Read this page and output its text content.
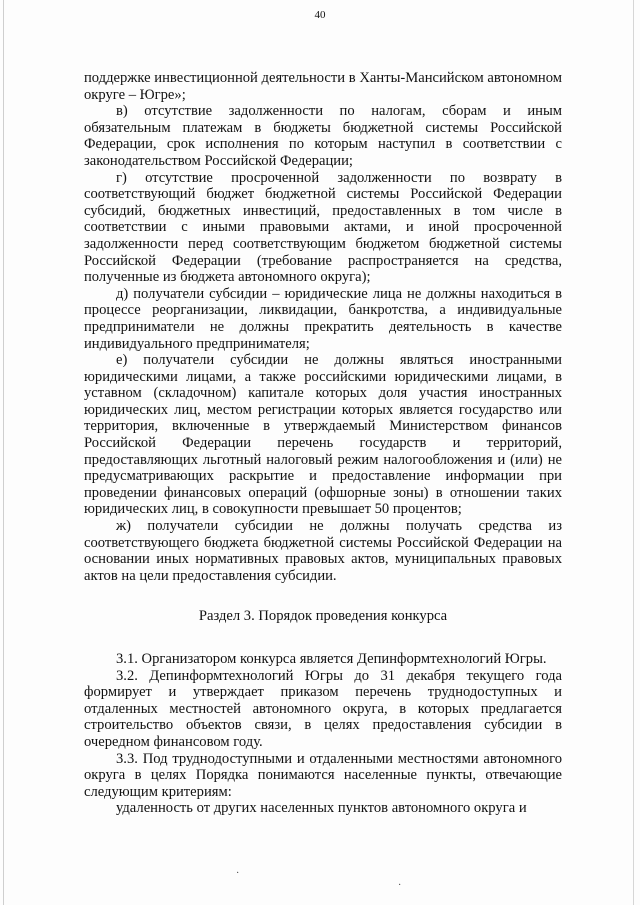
40

поддержке инвестиционной деятельности в Ханты-Мансийском автономном округе – Югре»;

в) отсутствие задолженности по налогам, сборам и иным обязательным платежам в бюджеты бюджетной системы Российской Федерации, срок исполнения по которым наступил в соответствии с законодательством Российской Федерации;

г) отсутствие просроченной задолженности по возврату в соответствующий бюджет бюджетной системы Российской Федерации субсидий, бюджетных инвестиций, предоставленных в том числе в соответствии с иными правовыми актами, и иной просроченной задолженности перед соответствующим бюджетом бюджетной системы Российской Федерации (требование распространяется на средства, полученные из бюджета автономного округа);

д) получатели субсидии – юридические лица не должны находиться в процессе реорганизации, ликвидации, банкротства, а индивидуальные предприниматели не должны прекратить деятельность в качестве индивидуального предпринимателя;

е) получатели субсидии не должны являться иностранными юридическими лицами, а также российскими юридическими лицами, в уставном (складочном) капитале которых доля участия иностранных юридических лиц, местом регистрации которых является государство или территория, включенные в утверждаемый Министерством финансов Российской Федерации перечень государств и территорий, предоставляющих льготный налоговый режим налогообложения и (или) не предусматривающих раскрытие и предоставление информации при проведении финансовых операций (офшорные зоны) в отношении таких юридических лиц, в совокупности превышает 50 процентов;

ж) получатели субсидии не должны получать средства из соответствующего бюджета бюджетной системы Российской Федерации на основании иных нормативных правовых актов, муниципальных правовых актов на цели предоставления субсидии.

Раздел 3. Порядок проведения конкурса

3.1. Организатором конкурса является Депинформтехнологий Югры.

3.2. Депинформтехнологий Югры до 31 декабря текущего года формирует и утверждает приказом перечень труднодоступных и отдаленных местностей автономного округа, в которых предлагается строительство объектов связи, в целях предоставления субсидии в очередном финансовом году.

3.3. Под труднодоступными и отдаленными местностями автономного округа в целях Порядка понимаются населенные пункты, отвечающие следующим критериям:

удаленность от других населенных пунктов автономного округа и

·
·
